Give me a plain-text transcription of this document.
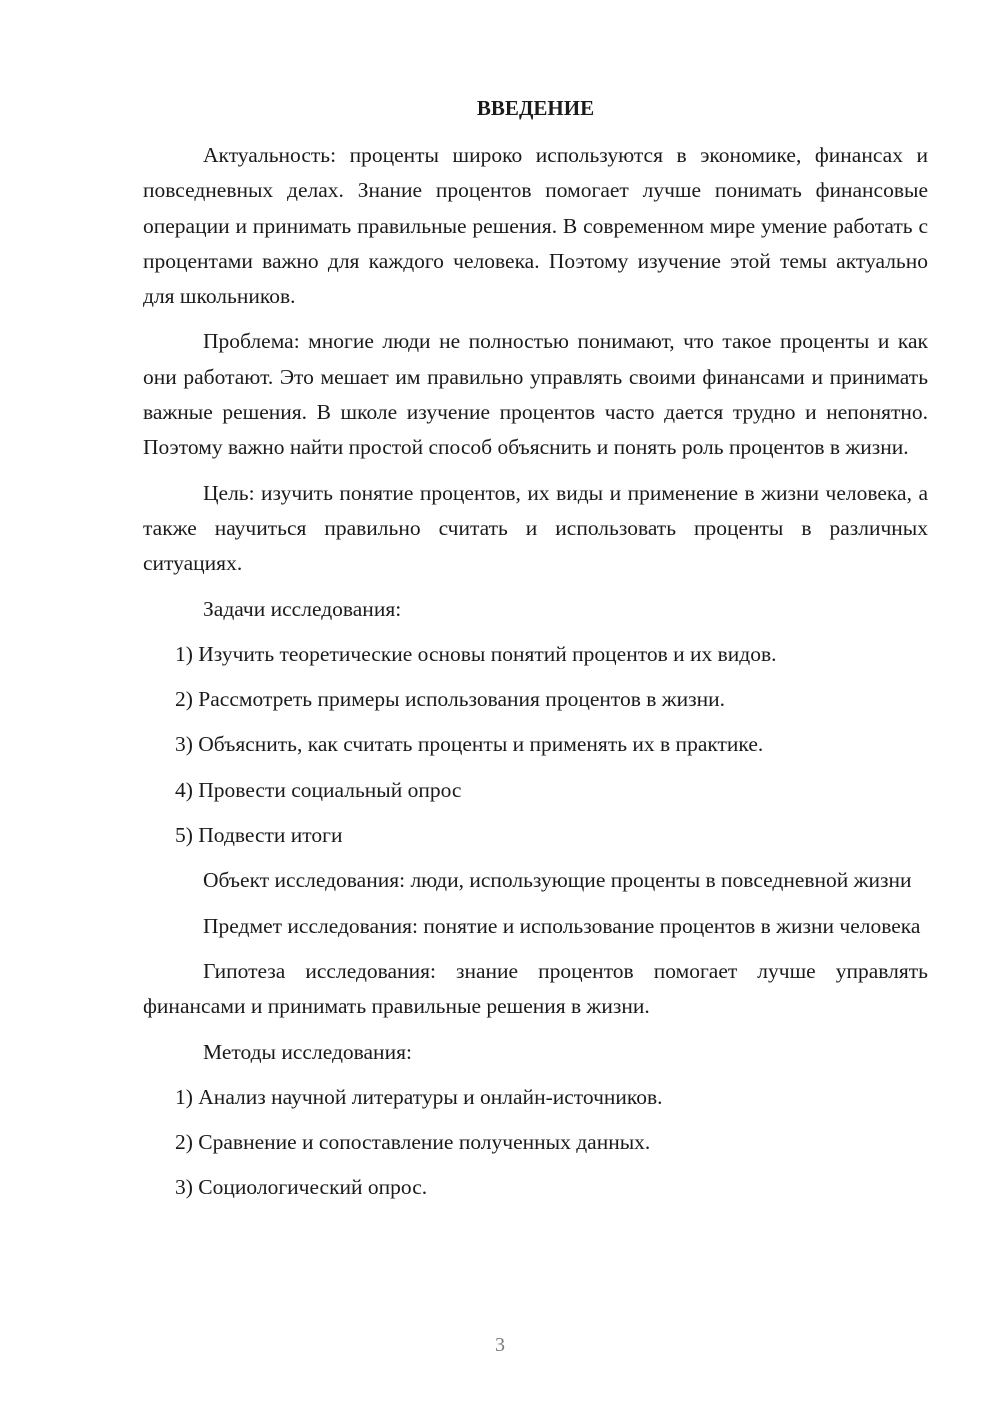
ВВЕДЕНИЕ

Актуальность: проценты широко используются в экономике, финансах и повседневных делах. Знание процентов помогает лучше понимать финансовые операции и принимать правильные решения. В современном мире умение работать с процентами важно для каждого человека. Поэтому изучение этой темы актуально для школьников.

Проблема: многие люди не полностью понимают, что такое проценты и как они работают. Это мешает им правильно управлять своими финансами и принимать важные решения. В школе изучение процентов часто дается трудно и непонятно. Поэтому важно найти простой способ объяснить и понять роль процентов в жизни.

Цель: изучить понятие процентов, их виды и применение в жизни человека, а также научиться правильно считать и использовать проценты в различных ситуациях.

Задачи исследования:

1) Изучить теоретические основы понятий процентов и их видов.
2) Рассмотреть примеры использования процентов в жизни.
3) Объяснить, как считать проценты и применять их в практике.
4) Провести социальный опрос
5) Подвести итоги

Объект исследования: люди, использующие проценты в повседневной жизни

Предмет исследования: понятие и использование процентов в жизни человека

Гипотеза исследования: знание процентов помогает лучше управлять финансами и принимать правильные решения в жизни.

Методы исследования:

1) Анализ научной литературы и онлайн-источников.
2) Сравнение и сопоставление полученных данных.
3) Социологический опрос.
3
